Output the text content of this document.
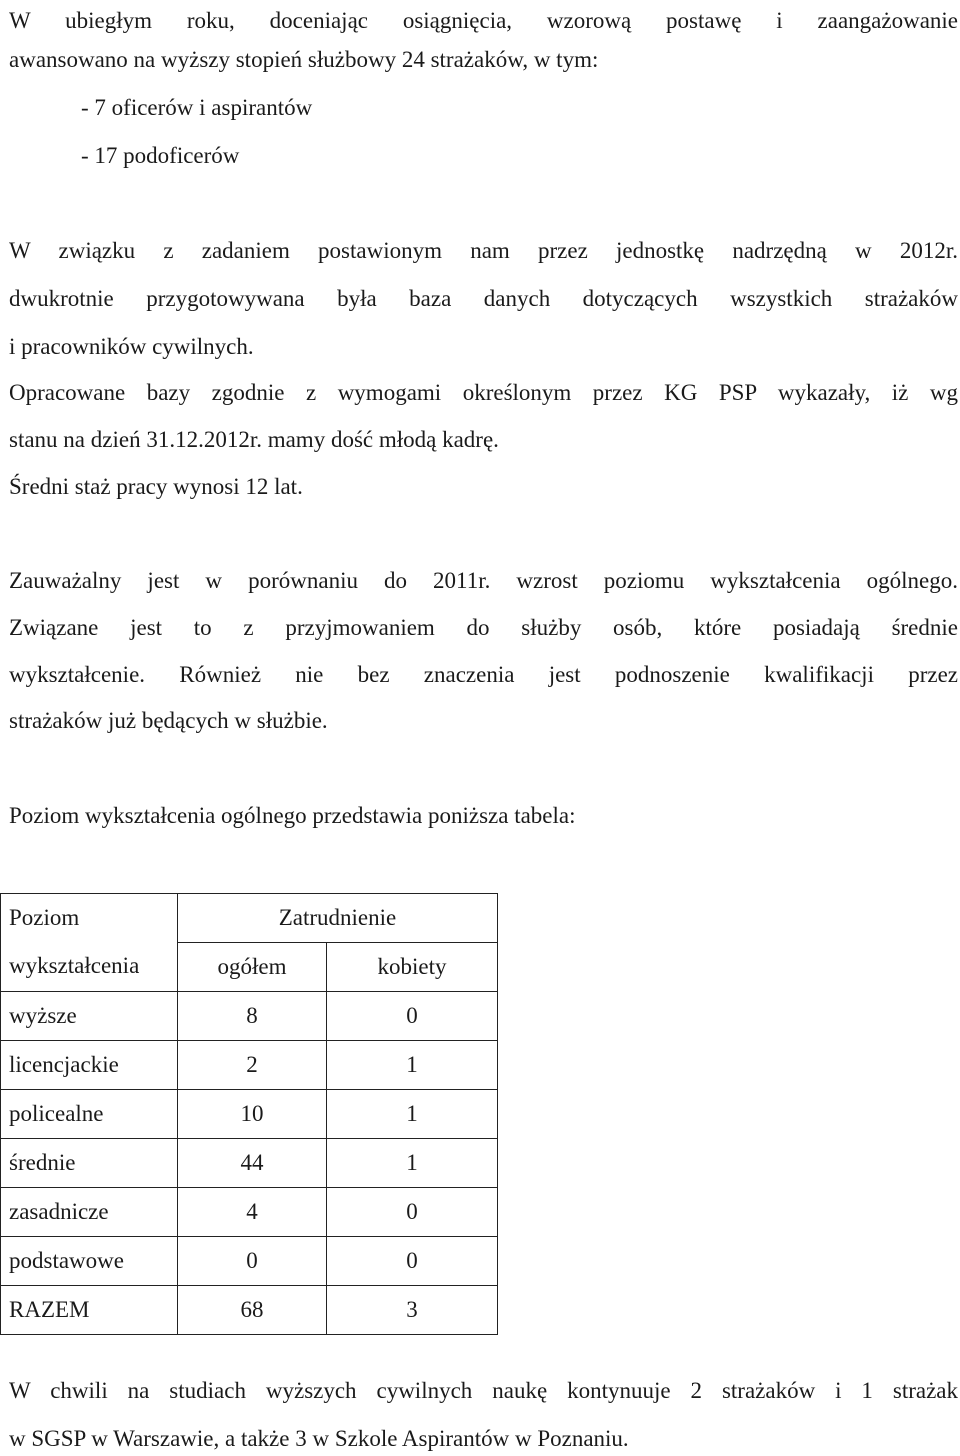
W ubiegłym roku, doceniając osiągnięcia, wzorową postawę i zaangażowanie
awansowano na wyższy stopień służbowy 24 strażaków, w tym:
- 7 oficerów i aspirantów
- 17 podoficerów
W związku z zadaniem postawionym nam przez jednostkę nadrzędną w 2012r.
dwukrotnie przygotowywana była baza danych dotyczących wszystkich strażaków
i pracowników cywilnych.
Opracowane bazy zgodnie z wymogami określonym przez KG PSP wykazały, iż wg
stanu na dzień 31.12.2012r. mamy dość młodą kadrę.
Średni staż pracy wynosi 12 lat.
Zauważalny jest w porównaniu do 2011r. wzrost poziomu wykształcenia ogólnego.
Związane jest to z przyjmowaniem do służby osób, które posiadają średnie
wykształcenie. Również nie bez znaczenia jest podnoszenie kwalifikacji przez
strażaków już będących w służbie.
Poziom wykształcenia ogólnego przedstawia poniższa tabela:
Poziom
wykształcenia	Zatrudnienie	
	ogółem	kobiety
wyższe	8	0
licencjackie	2	1
policealne	10	1
średnie	44	1
zasadnicze	4	0
podstawowe	0	0
RAZEM	68	3
W chwili na studiach wyższych cywilnych naukę kontynuuje 2 strażaków i 1 strażak
w SGSP w Warszawie, a także 3 w Szkole Aspirantów w Poznaniu.
